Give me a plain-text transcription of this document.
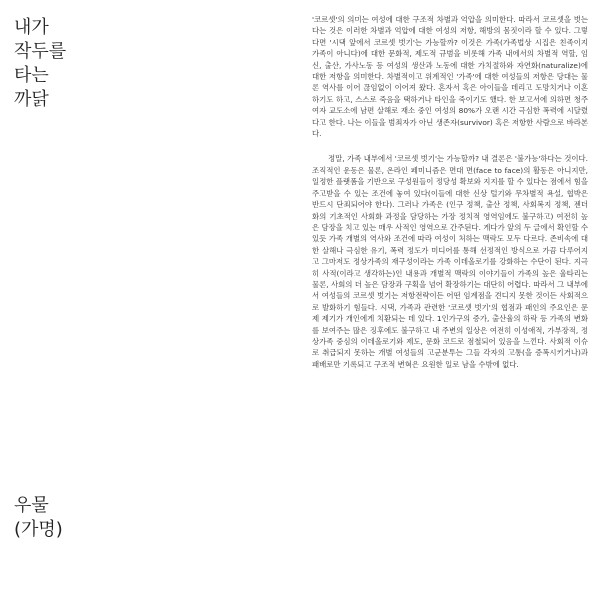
내가
작두를
타는
까닭
우물
(가명)

'코르셋'의 의미는 여성에 대한 구조적 차별과 억압을 의미한다. 따라서 코르셋을 벗는다는 것은 이러한 차별과 억압에 대한 여성의 저항, 해방의 몸짓이라 할 수 있다. 그렇다면 '시댁 앞에서 코르셋 벗기'는 가능할까? 이것은 가족(가족법상 시집은 친족이지 가족이 아니다)에 대한 문화적, 제도적 규범을 비롯해 가족 내에서의 차별적 역할, 임신, 출산, 가사노동 등 여성의 생산과 노동에 대한 가치절하와 자연화(naturalize)에 대한 저항을 의미한다. 차별적이고 위계적인 '가족'에 대한 여성들의 저항은 당대는 물론 역사를 이어 끊임없이 이어져 왔다. 혼자서 혹은 아이들을 데리고 도망치거나 이혼하기도 하고, 스스로 죽음을 택하거나 타인을 죽이기도 했다. 한 보고서에 의하면 청주 여자 교도소에 남편 살해로 재소 중인 여성의 80%가 오랜 시간 극심한 폭력에 시달렸다고 한다. 나는 이들을 범죄자가 아닌 생존자(survivor) 혹은 저항한 사람으로 바라본다.

정말, 가족 내부에서 '코르셋 벗기'는 가능할까? 내 결론은 '불가능'하다는 것이다. 조직적인 운동은 물론, 온라인 페미니즘은 면대 면(face to face)의 활동은 아니지만, 일정한 플랫폼을 기반으로 구성원들이 정당성 확보와 지지를 할 수 있다는 점에서 힘을 주고받을 수 있는 조건에 놓여 있다(이들에 대한 신상 털기와 무차별적 욕설, 협박은 반드시 단죄되어야 한다). 그러나 가족은 (인구 정책, 출산 정책, 사회복지 정책, 젠더화의 기초적인 사회화 과정을 담당하는 가장 정치적 영역임에도 불구하고) 여전히 높은 담장을 치고 있는 매우 사적인 영역으로 간주된다. 게다가 앞의 두 글에서 확인할 수 있듯 가족 개별의 역사와 조건에 따라 여성이 처하는 맥락도 모두 다르다. 존비속에 대한 살해나 극심한 유기, 폭력 정도가 미디어를 통해 선정적인 방식으로 가끔 다루어지고 그마저도 정상가족의 재구성이라는 가족 이데올로기를 강화하는 수단이 된다. 지극히 사적(이라고 생각하는)인 내용과 개별적 맥락의 이야기들이 가족의 높은 울타리는 물론, 사회의 더 높은 담장과 구획을 넘어 확장하기는 대단히 어렵다. 따라서 그 내부에서 여성들의 코르셋 벗기는 저항전략이든 어떤 임계점을 견디지 못한 것이든 사회적으로 발화하기 힘들다. 시댁, 가족과 관련한 '코르셋 벗기'의 협점과 패인의 주요인은 문제 제기가 개인에게 치환되는 데 있다. 1인가구의 증가, 출산율의 하락 등 가족의 변화를 보여주는 많은 징후에도 불구하고 내 주변의 일상은 여전히 이성애적, 가부장적, 정상가족 중심의 이데올로기와 제도, 문화 코드로 점철되어 있음을 느낀다. 사회적 이슈로 취급되지 못하는 개별 여성들의 고군분투는 그들 각자의 고통(을 증폭시키거나)과 패배로만 기록되고 구조적 변혁은 요원한 일로 남을 수밖에 없다.
